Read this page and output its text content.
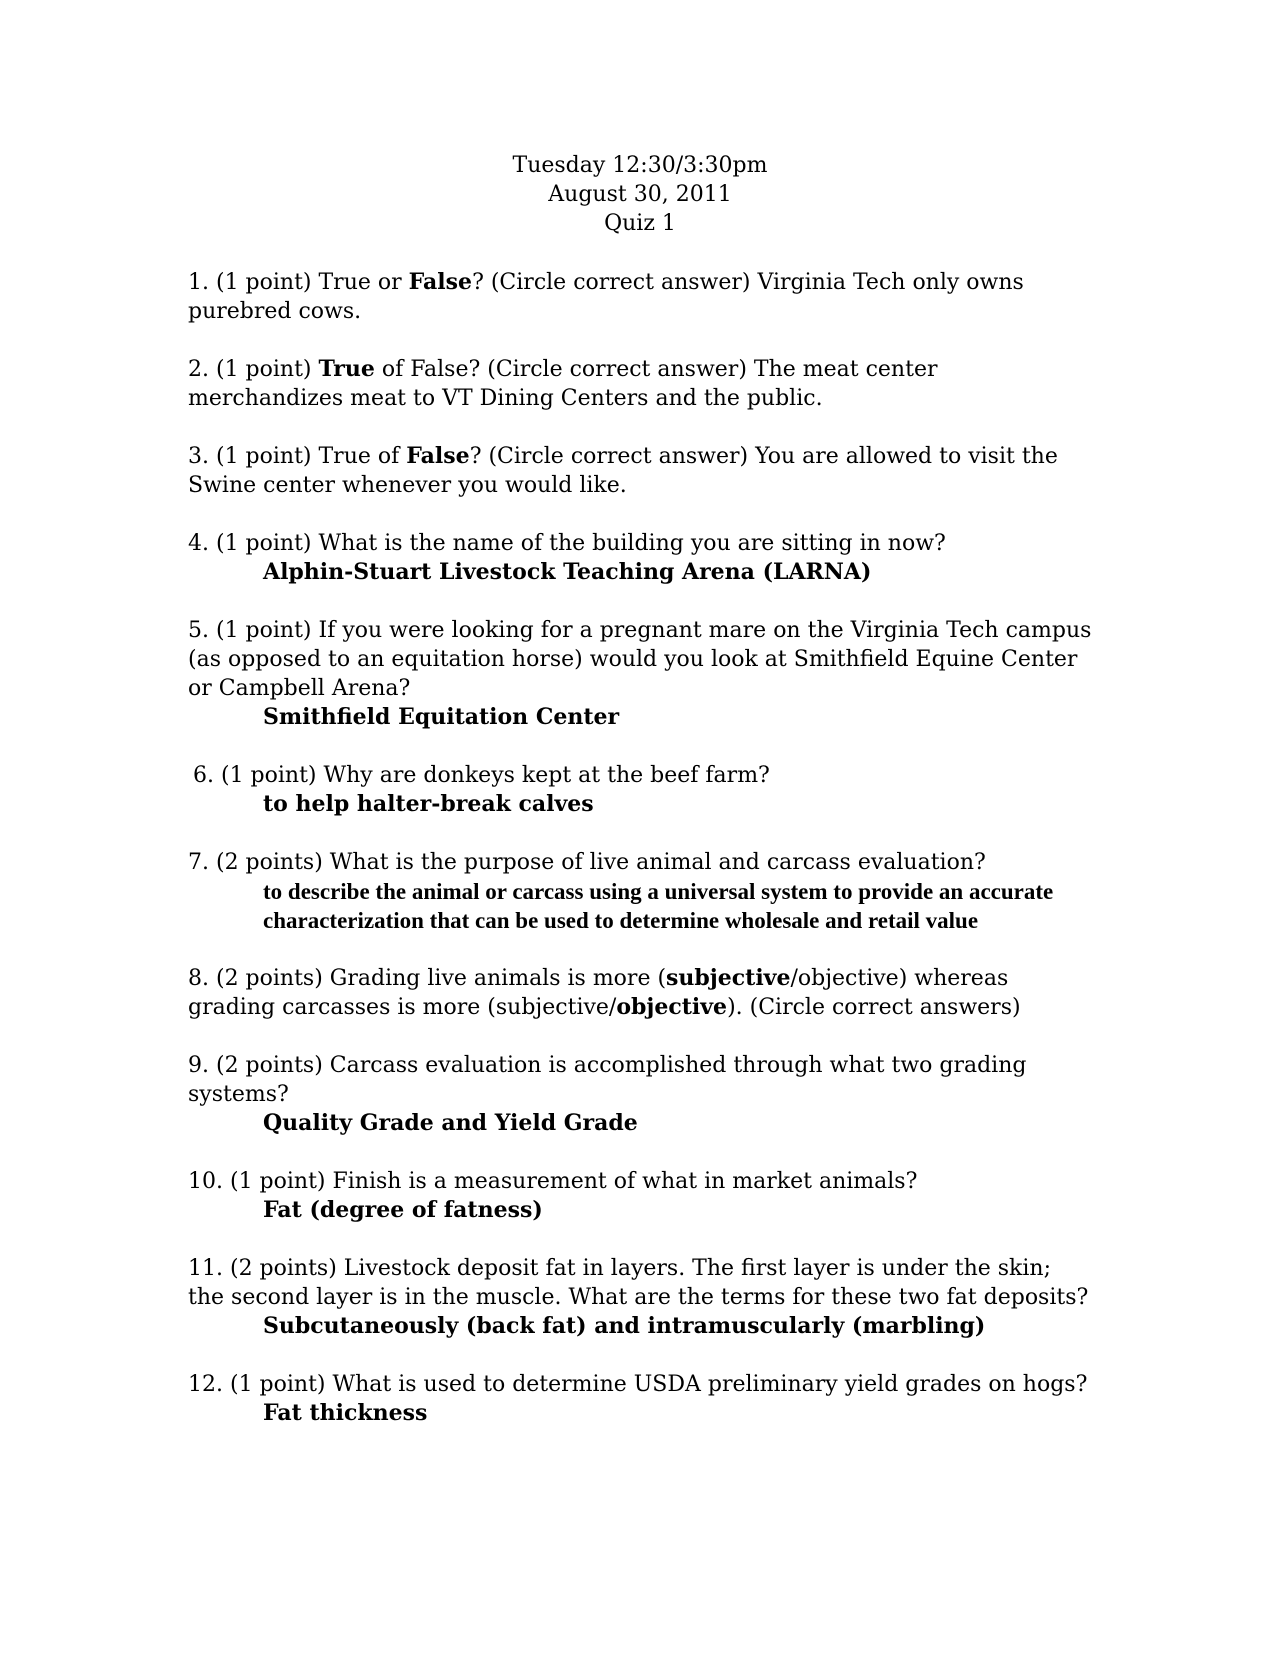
Tuesday 12:30/3:30pm
August 30, 2011
Quiz 1

1. (1 point) True or False? (Circle correct answer) Virginia Tech only owns purebred cows.

2. (1 point) True of False? (Circle correct answer) The meat center merchandizes meat to VT Dining Centers and the public.

3. (1 point) True of False? (Circle correct answer) You are allowed to visit the Swine center whenever you would like.

4. (1 point) What is the name of the building you are sitting in now?

Alphin-Stuart Livestock Teaching Arena (LARNA)

5. (1 point) If you were looking for a pregnant mare on the Virginia Tech campus (as opposed to an equitation horse) would you look at Smithfield Equine Center or Campbell Arena?

Smithfield Equitation Center

6. (1 point) Why are donkeys kept at the beef farm?

to help halter-break calves

7. (2 points) What is the purpose of live animal and carcass evaluation?

to describe the animal or carcass using a universal system to provide an accurate characterization that can be used to determine wholesale and retail value

8. (2 points) Grading live animals is more (subjective/objective) whereas grading carcasses is more (subjective/objective). (Circle correct answers)

9. (2 points) Carcass evaluation is accomplished through what two grading systems?

Quality Grade and Yield Grade

10. (1 point) Finish is a measurement of what in market animals?

Fat (degree of fatness)

11. (2 points) Livestock deposit fat in layers. The first layer is under the skin; the second layer is in the muscle. What are the terms for these two fat deposits?

Subcutaneously (back fat) and intramuscularly (marbling)

12. (1 point) What is used to determine USDA preliminary yield grades on hogs?

Fat thickness
